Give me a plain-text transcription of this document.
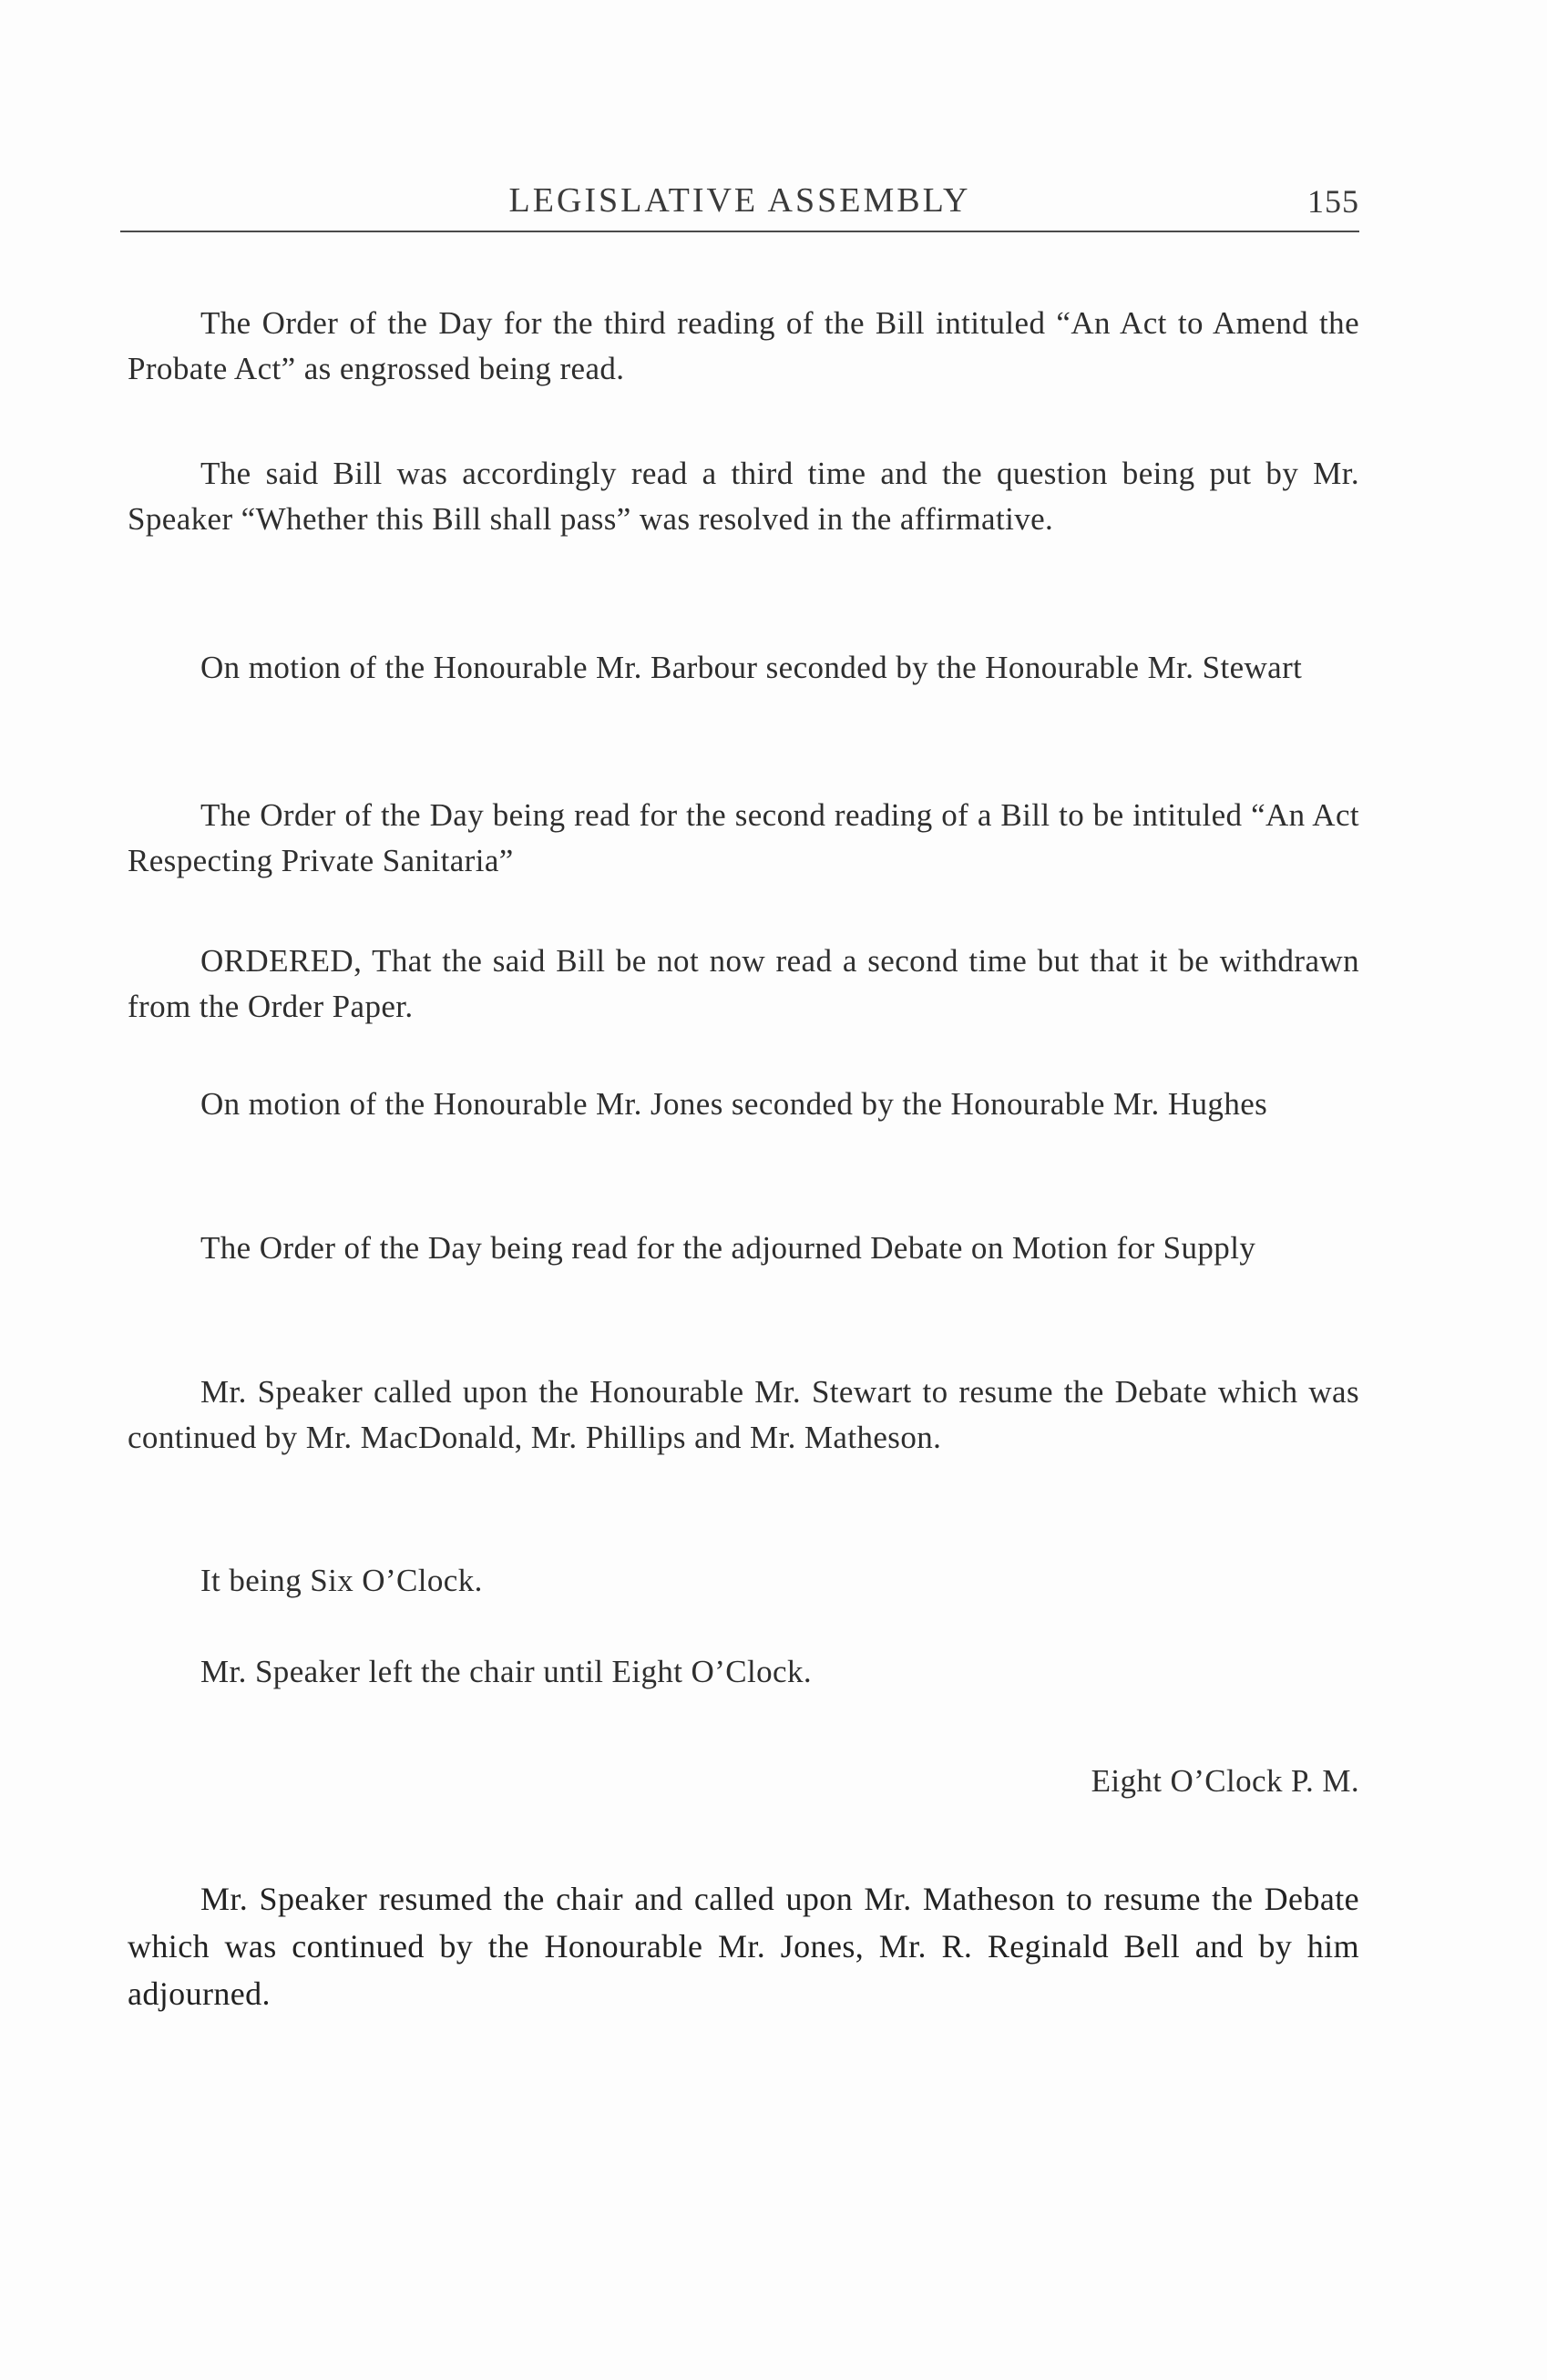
LEGISLATIVE ASSEMBLY	155

The Order of the Day for the third reading of the Bill intituled “An Act to Amend the Probate Act” as engrossed being read.

The said Bill was accordingly read a third time and the question being put by Mr. Speaker “Whether this Bill shall pass” was resolved in the affirmative.

On motion of the Honourable Mr. Barbour seconded by the Honourable Mr. Stewart

The Order of the Day being read for the second reading of a Bill to be intituled “An Act Respecting Private Sanitaria”

ORDERED, That the said Bill be not now read a second time but that it be withdrawn from the Order Paper.

On motion of the Honourable Mr. Jones seconded by the Honourable Mr. Hughes

The Order of the Day being read for the adjourned Debate on Motion for Supply

Mr. Speaker called upon the Honourable Mr. Stewart to resume the Debate which was continued by Mr. MacDonald, Mr. Phillips and Mr. Matheson.

It being Six O’Clock.

Mr. Speaker left the chair until Eight O’Clock.

Eight O’Clock P. M.

Mr. Speaker resumed the chair and called upon Mr. Matheson to resume the Debate which was continued by the Honourable Mr. Jones, Mr. R. Reginald Bell and by him adjourned.
